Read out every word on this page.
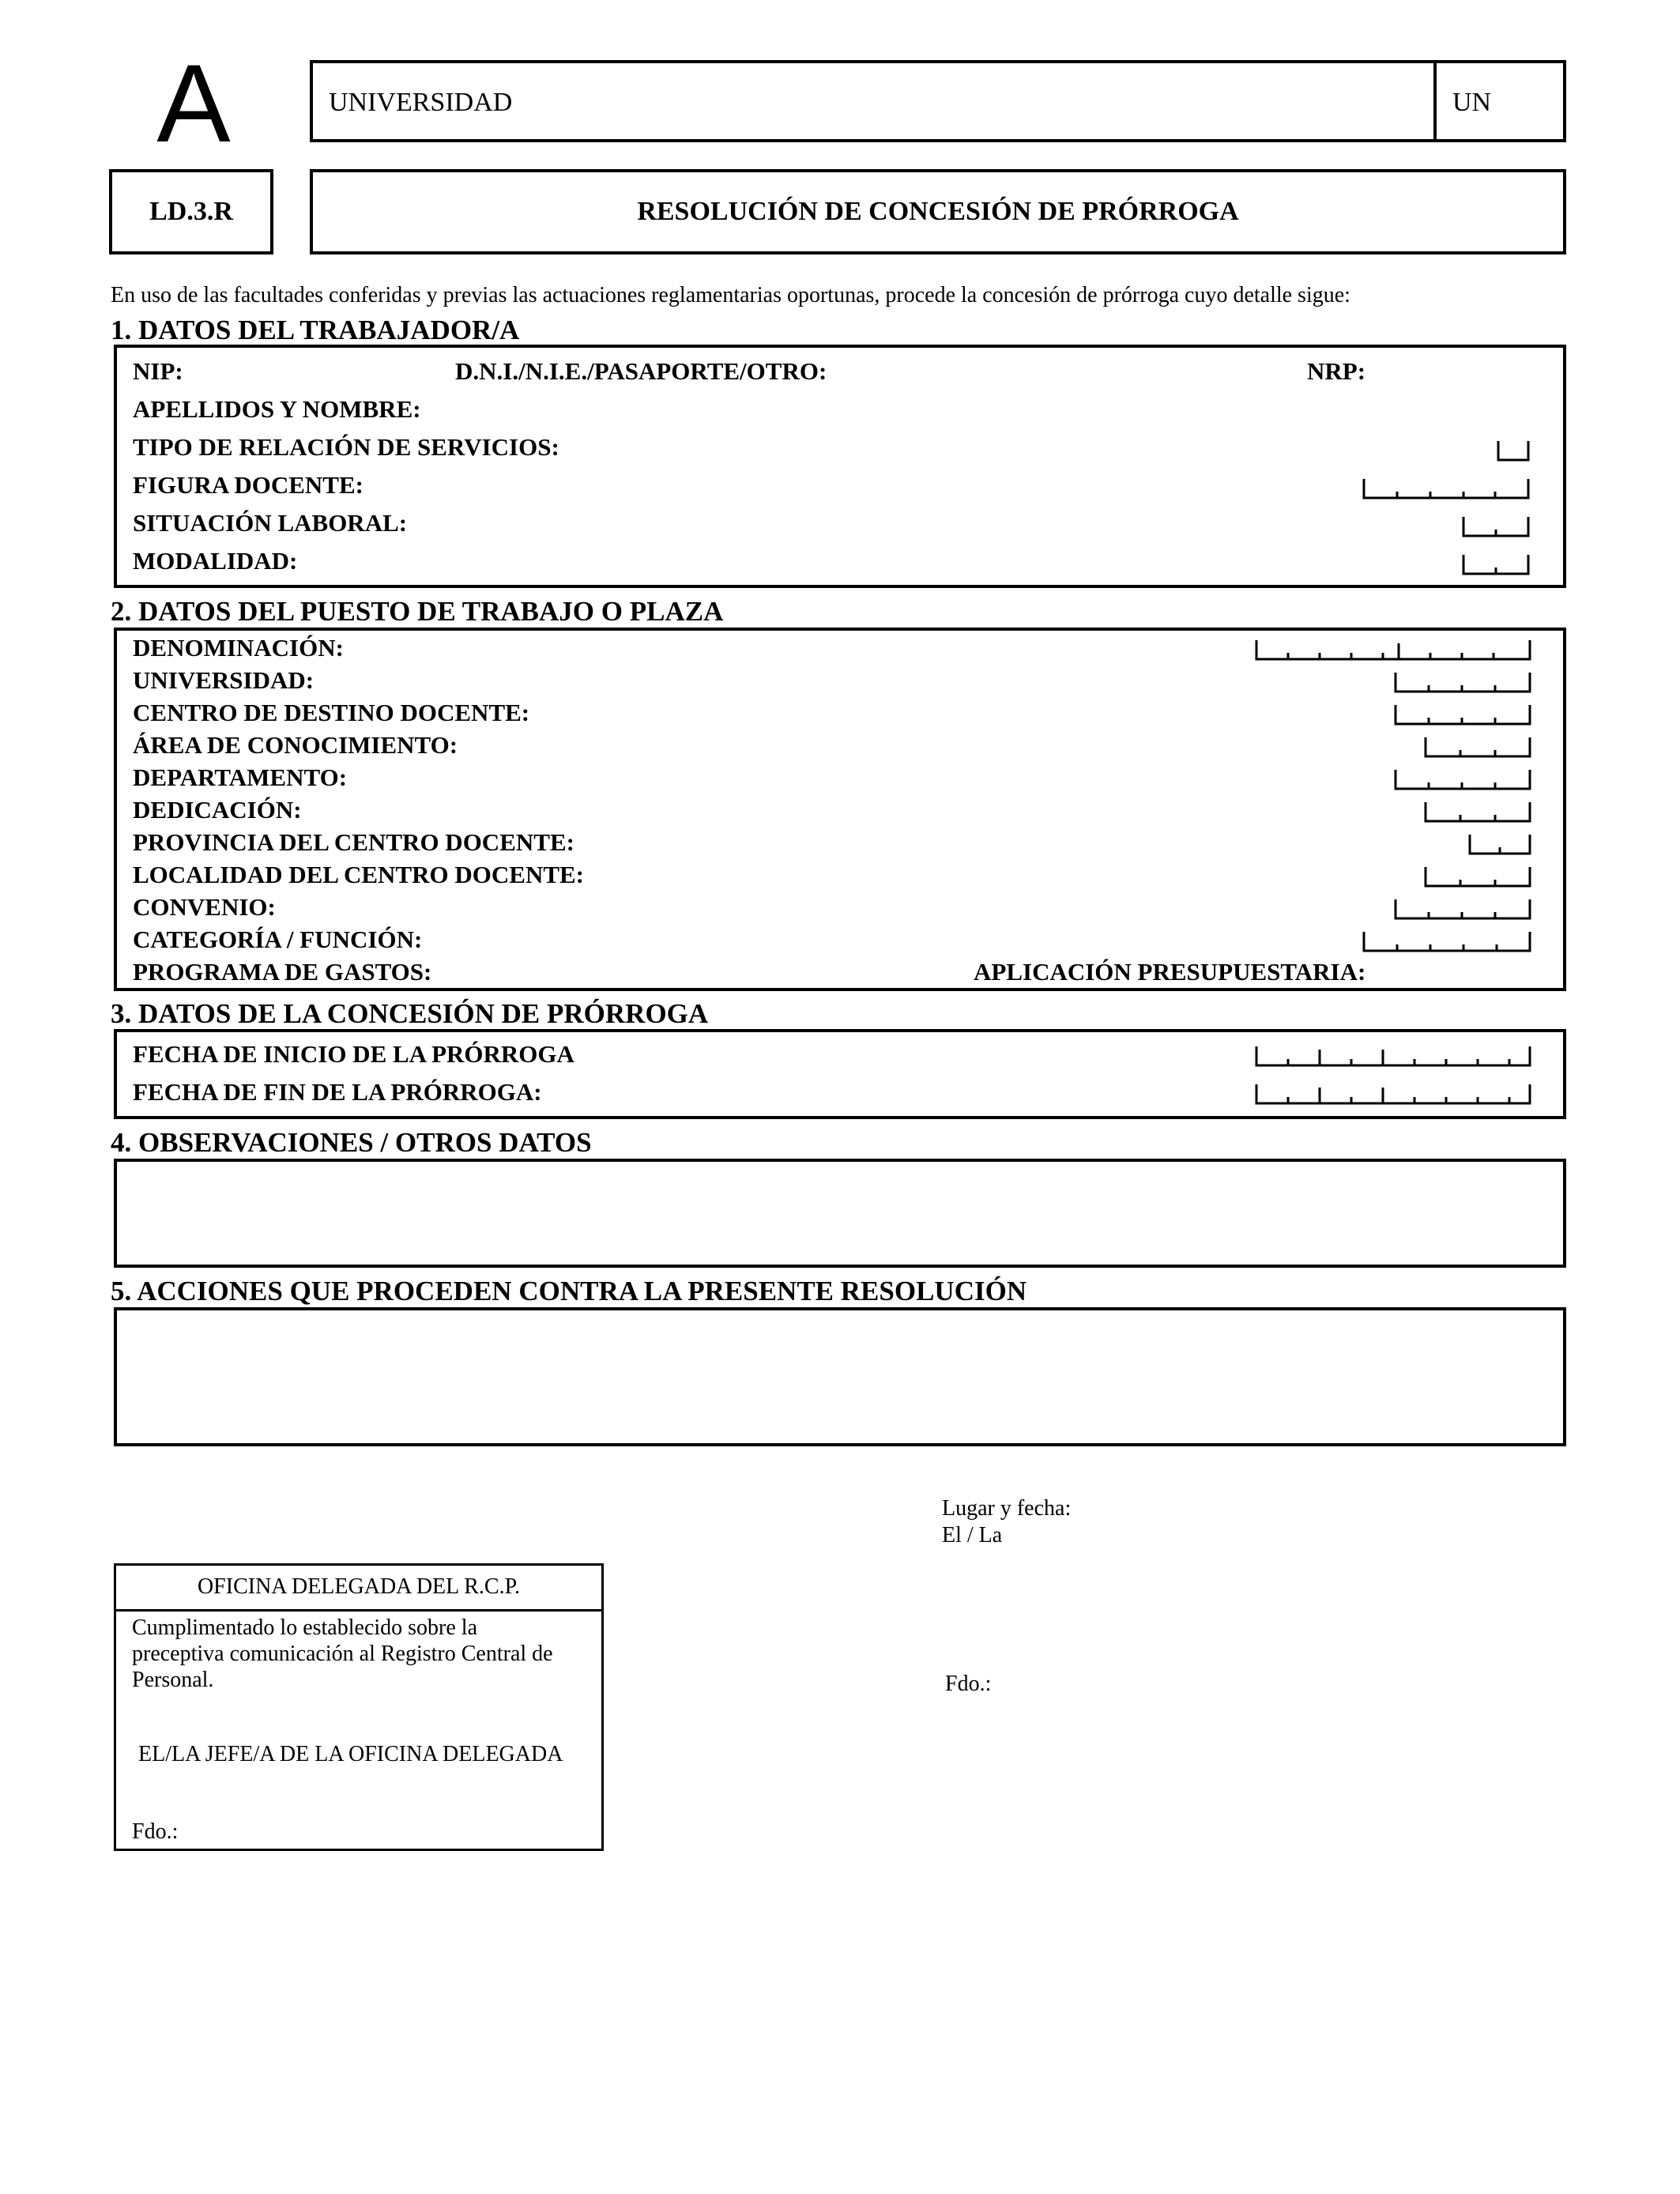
A	UNIVERSIDAD	UN
LD.3.R	RESOLUCIÓN DE CONCESIÓN DE PRÓRROGA
En uso de las facultades conferidas y previas las actuaciones reglamentarias oportunas, procede la concesión de prórroga cuyo detalle sigue:
1. DATOS DEL TRABAJADOR/A
NIP:	D.N.I./N.I.E./PASAPORTE/OTRO:	NRP:
APELLIDOS Y NOMBRE:
TIPO DE RELACIÓN DE SERVICIOS:
FIGURA DOCENTE:
SITUACIÓN LABORAL:
MODALIDAD:
2. DATOS DEL PUESTO DE TRABAJO O PLAZA
DENOMINACIÓN:
UNIVERSIDAD:
CENTRO DE DESTINO DOCENTE:
ÁREA DE CONOCIMIENTO:
DEPARTAMENTO:
DEDICACIÓN:
PROVINCIA DEL CENTRO DOCENTE:
LOCALIDAD DEL CENTRO DOCENTE:
CONVENIO:
CATEGORÍA / FUNCIÓN:
PROGRAMA DE GASTOS:	APLICACIÓN PRESUPUESTARIA:
3. DATOS DE LA CONCESIÓN DE PRÓRROGA
FECHA DE INICIO DE LA PRÓRROGA
FECHA DE FIN DE LA PRÓRROGA:
4. OBSERVACIONES / OTROS DATOS
5. ACCIONES QUE PROCEDEN CONTRA LA PRESENTE RESOLUCIÓN
Lugar y fecha:
El / La
Fdo.:
OFICINA DELEGADA DEL R.C.P.
Cumplimentado lo establecido sobre la
preceptiva comunicación al Registro Central de
Personal.
EL/LA JEFE/A DE LA OFICINA DELEGADA
Fdo.:
